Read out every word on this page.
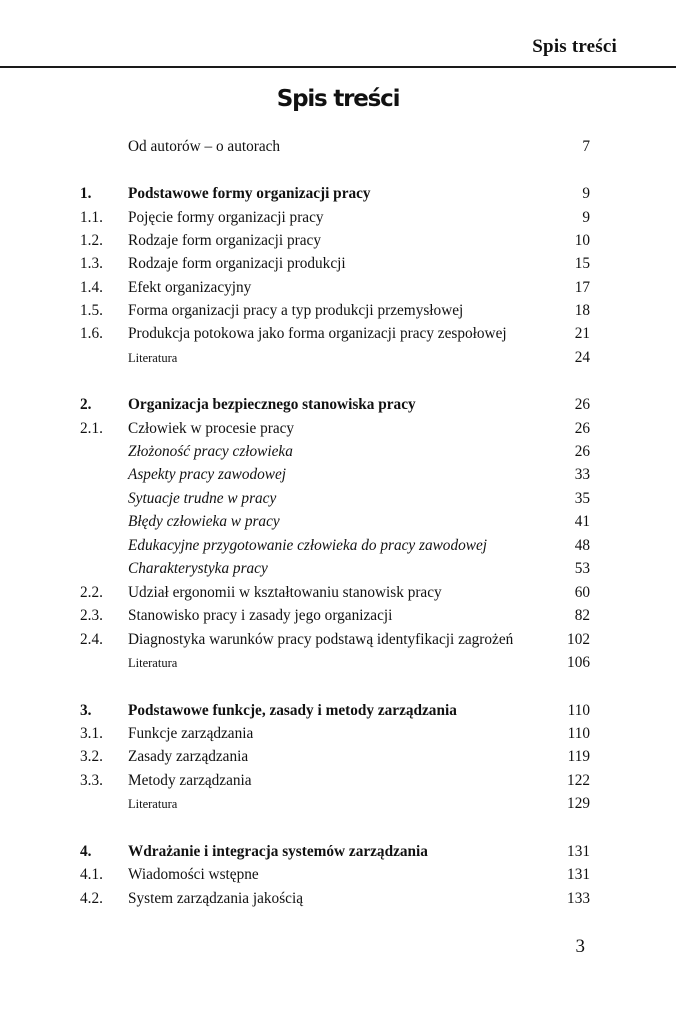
Spis treści
Spis treści
Od autorów – o autorach	7
1. Podstawowe formy organizacji pracy	9
1.1. Pojęcie formy organizacji pracy	9
1.2. Rodzaje form organizacji pracy	10
1.3. Rodzaje form organizacji produkcji	15
1.4. Efekt organizacyjny	17
1.5. Forma organizacji pracy a typ produkcji przemysłowej	18
1.6. Produkcja potokowa jako forma organizacji pracy zespołowej	21
Literatura	24
2. Organizacja bezpiecznego stanowiska pracy	26
2.1. Człowiek w procesie pracy	26
Złożoność pracy człowieka	26
Aspekty pracy zawodowej	33
Sytuacje trudne w pracy	35
Błędy człowieka w pracy	41
Edukacyjne przygotowanie człowieka do pracy zawodowej	48
Charakterystyka pracy	53
2.2. Udział ergonomii w kształtowaniu stanowisk pracy	60
2.3. Stanowisko pracy i zasady jego organizacji	82
2.4. Diagnostyka warunków pracy podstawą identyfikacji zagrożeń	102
Literatura	106
3. Podstawowe funkcje, zasady i metody zarządzania	110
3.1. Funkcje zarządzania	110
3.2. Zasady zarządzania	119
3.3. Metody zarządzania	122
Literatura	129
4. Wdrażanie i integracja systemów zarządzania	131
4.1. Wiadomości wstępne	131
4.2. System zarządzania jakością	133
3
